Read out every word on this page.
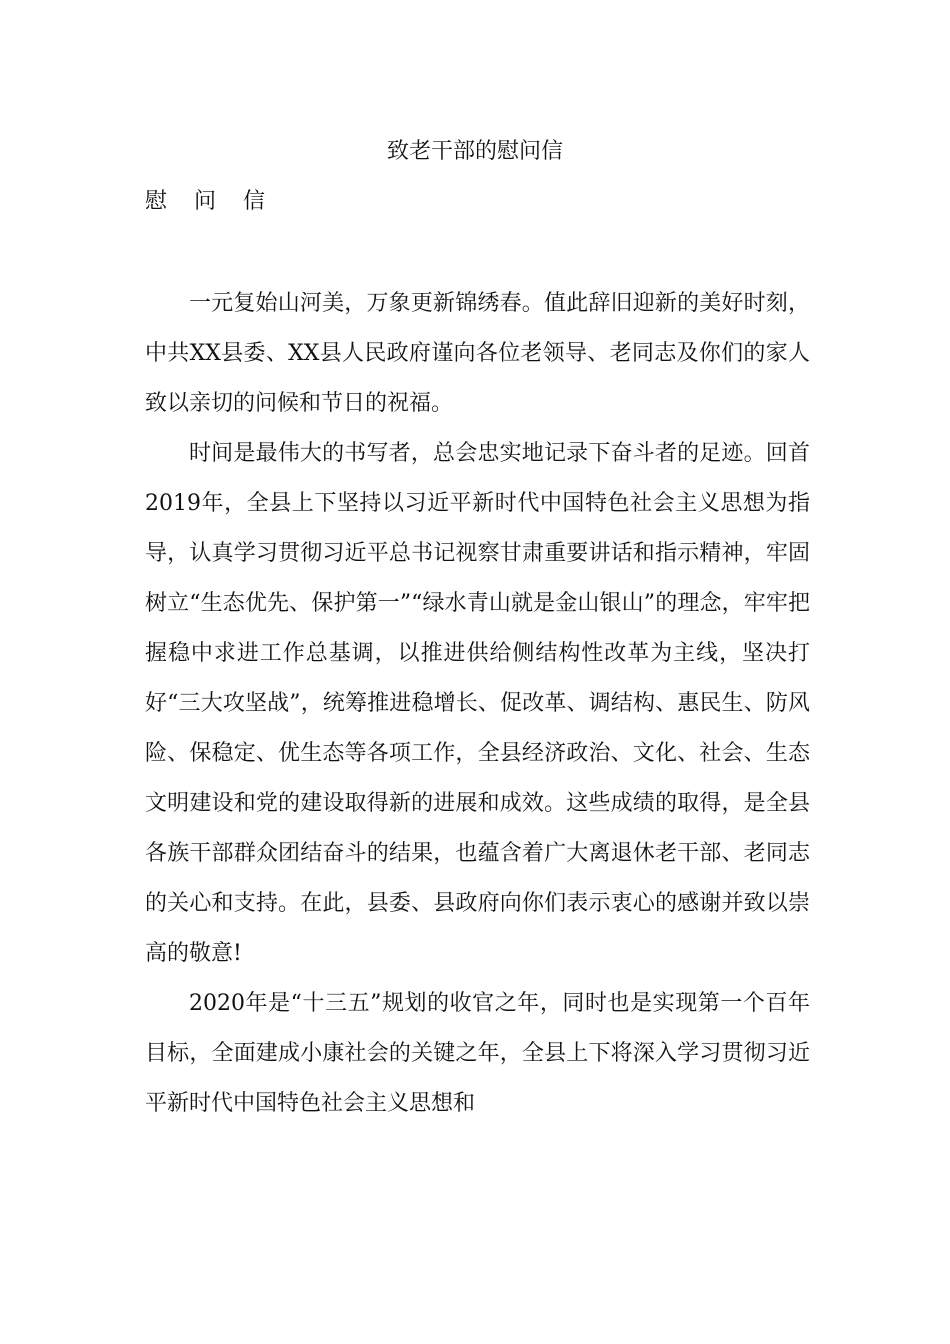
致老干部的慰问信
慰 问 信

一元复始山河美，万象更新锦绣春。值此辞旧迎新的美好时刻，中共XX县委、XX县人民政府谨向各位老领导、老同志及你们的家人致以亲切的问候和节日的祝福。

时间是最伟大的书写者，总会忠实地记录下奋斗者的足迹。回首2019年，全县上下坚持以习近平新时代中国特色社会主义思想为指导，认真学习贯彻习近平总书记视察甘肃重要讲话和指示精神，牢固树立“生态优先、保护第一”“绿水青山就是金山银山”的理念，牢牢把握稳中求进工作总基调，以推进供给侧结构性改革为主线，坚决打好“三大攻坚战”，统筹推进稳增长、促改革、调结构、惠民生、防风险、保稳定、优生态等各项工作，全县经济政治、文化、社会、生态文明建设和党的建设取得新的进展和成效。这些成绩的取得，是全县各族干部群众团结奋斗的结果，也蕴含着广大离退休老干部、老同志的关心和支持。在此，县委、县政府向你们表示衷心的感谢并致以崇高的敬意!

2020年是“十三五”规划的收官之年，同时也是实现第一个百年目标，全面建成小康社会的关键之年，全县上下将深入学习贯彻习近平新时代中国特色社会主义思想和
